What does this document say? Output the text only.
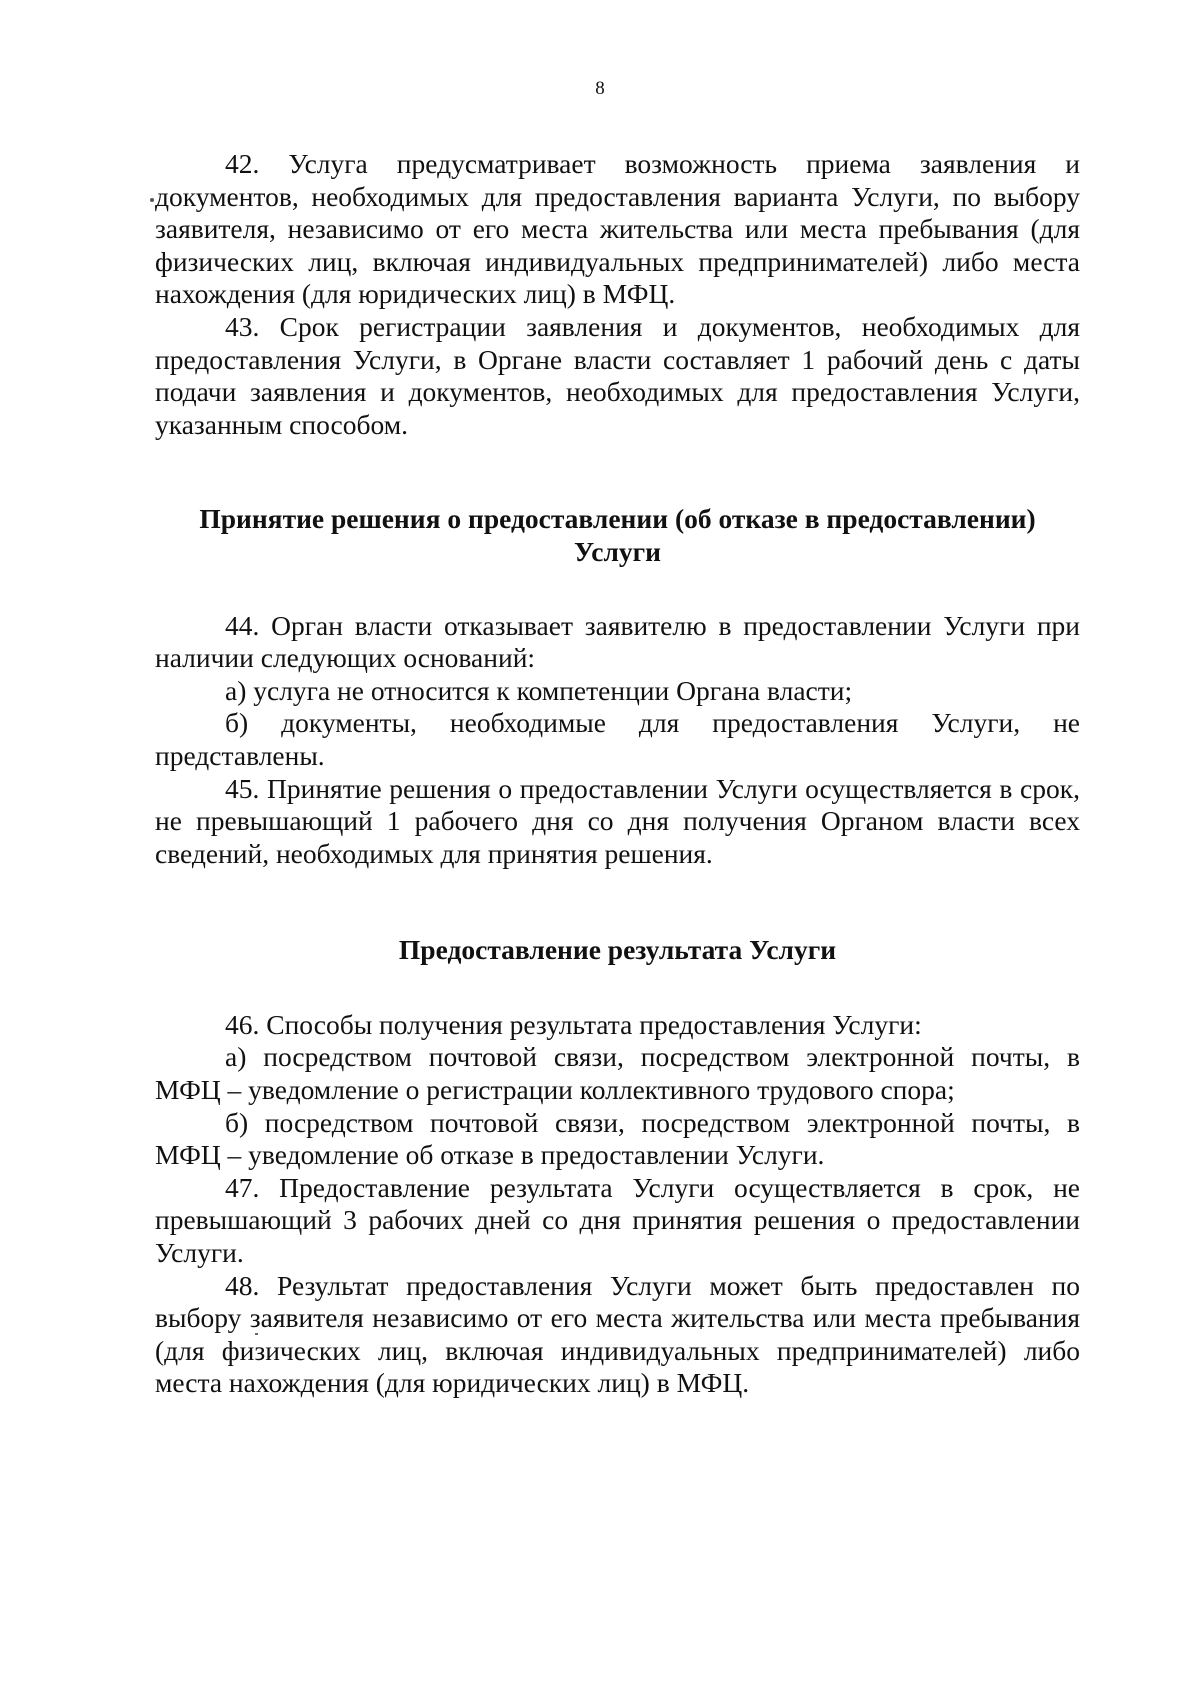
8

42. Услуга предусматривает возможность приема заявления и документов, необходимых для предоставления варианта Услуги, по выбору заявителя, независимо от его места жительства или места пребывания (для физических лиц, включая индивидуальных предпринимателей) либо места нахождения (для юридических лиц) в МФЦ.

43. Срок регистрации заявления и документов, необходимых для предоставления Услуги, в Органе власти составляет 1 рабочий день с даты подачи заявления и документов, необходимых для предоставления Услуги, указанным способом.

Принятие решения о предоставлении (об отказе в предоставлении) Услуги

44. Орган власти отказывает заявителю в предоставлении Услуги при наличии следующих оснований:

а) услуга не относится к компетенции Органа власти;

б) документы, необходимые для предоставления Услуги, не представлены.

45. Принятие решения о предоставлении Услуги осуществляется в срок, не превышающий 1 рабочего дня со дня получения Органом власти всех сведений, необходимых для принятия решения.

Предоставление результата Услуги

46. Способы получения результата предоставления Услуги:

а) посредством почтовой связи, посредством электронной почты, в МФЦ – уведомление о регистрации коллективного трудового спора;

б) посредством почтовой связи, посредством электронной почты, в МФЦ – уведомление об отказе в предоставлении Услуги.

47. Предоставление результата Услуги осуществляется в срок, не превышающий 3 рабочих дней со дня принятия решения о предоставлении Услуги.

48. Результат предоставления Услуги может быть предоставлен по выбору заявителя независимо от его места жительства или места пребывания (для физических лиц, включая индивидуальных предпринимателей) либо места нахождения (для юридических лиц) в МФЦ.
